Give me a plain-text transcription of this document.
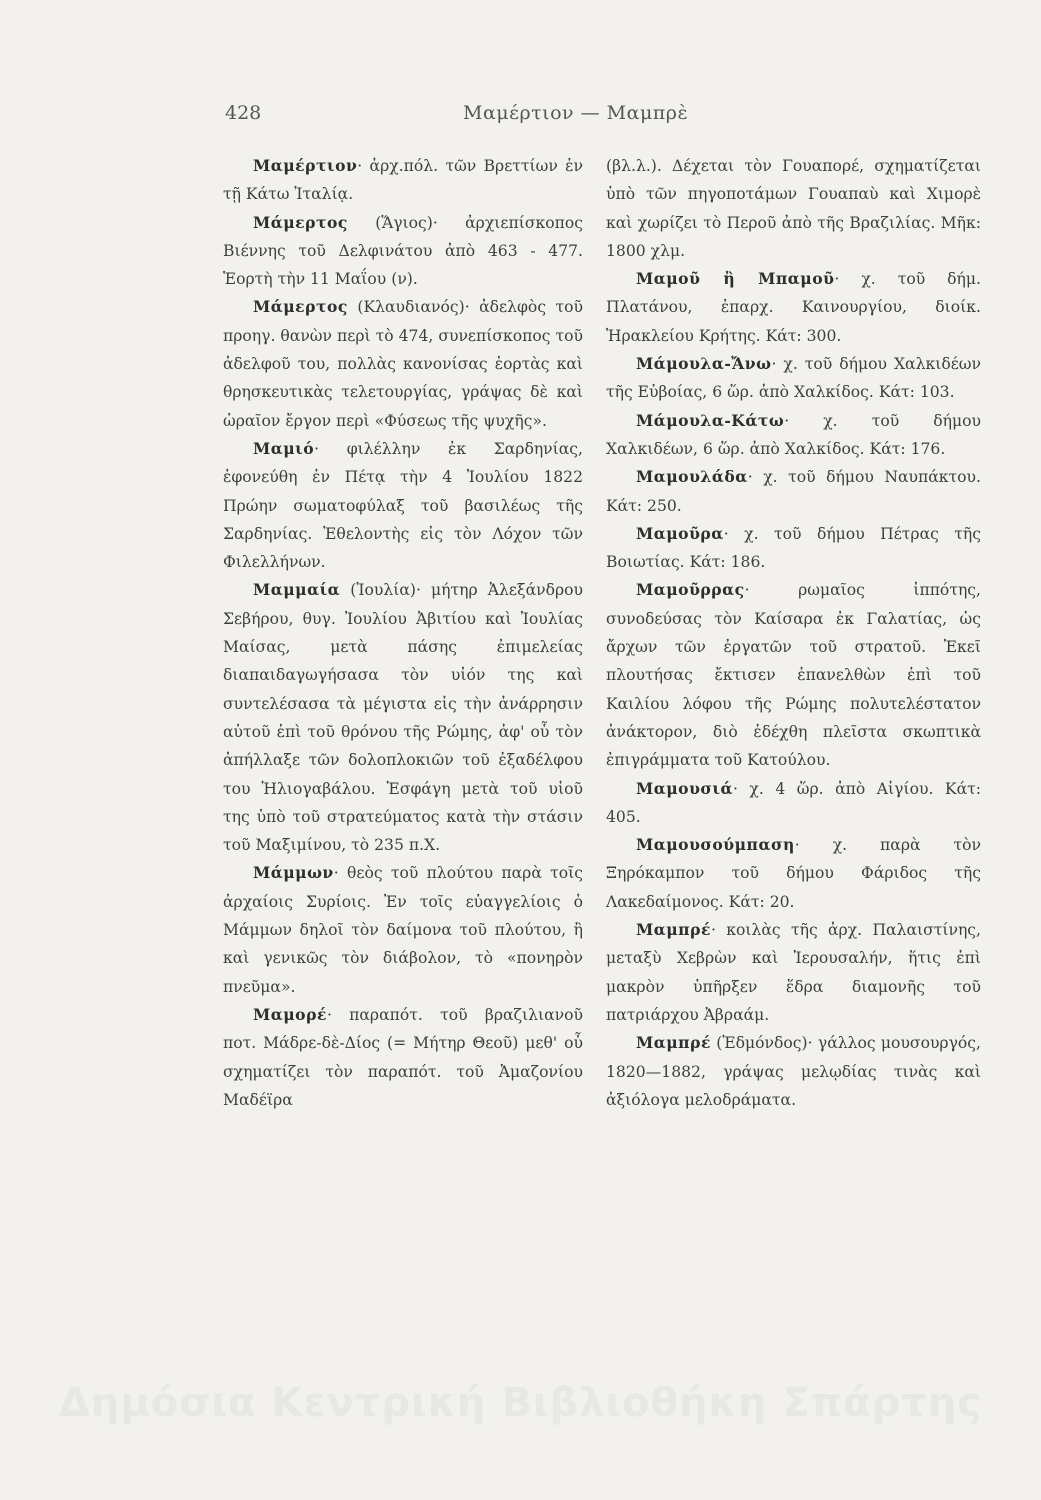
428	Μαμέρτιον — Μαμπρὲ

Μαμέρτιον· ἀρχ.πόλ. τῶν Βρεττίων ἐν τῇ Κάτω Ἰταλίᾳ.

Μάμερτος (Ἅγιος)· ἀρχιεπίσκοπος Βιέννης τοῦ Δελφινάτου ἀπὸ 463 - 477. Ἑορτὴ τὴν 11 Μαΐου (ν).

Μάμερτος (Κλαυδιανός)· ἀδελφὸς τοῦ προηγ. θανὼν περὶ τὸ 474, συνεπίσκοπος τοῦ ἀδελφοῦ του, πολλὰς κανονίσας ἑορτὰς καὶ θρησκευτικὰς τελετουργίας, γράψας δὲ καὶ ὡραῖον ἔργον περὶ «Φύσεως τῆς ψυχῆς».

Μαμιό· φιλέλλην ἐκ Σαρδηνίας, ἐφονεύθη ἐν Πέτᾳ τὴν 4 Ἰουλίου 1822 Πρώην σωματοφύλαξ τοῦ βασιλέως τῆς Σαρδηνίας. Ἐθελοντὴς εἰς τὸν Λόχον τῶν Φιλελλήνων.

Μαμμαία (Ἰουλία)· μήτηρ Ἀλεξάνδρου Σεβήρου, θυγ. Ἰουλίου Ἀβιτίου καὶ Ἰουλίας Μαίσας, μετὰ πάσης ἐπιμελείας διαπαιδαγωγήσασα τὸν υἱόν της καὶ συντελέσασα τὰ μέγιστα εἰς τὴν ἀνάρρησιν αὐτοῦ ἐπὶ τοῦ θρόνου τῆς Ρώμης, ἀφ' οὗ τὸν ἀπήλλαξε τῶν δολοπλοκιῶν τοῦ ἐξαδέλφου του Ἡλιογαβάλου. Ἐσφάγη μετὰ τοῦ υἱοῦ της ὑπὸ τοῦ στρατεύματος κατὰ τὴν στάσιν τοῦ Μαξιμίνου, τὸ 235 π.Χ.

Μάμμων· θεὸς τοῦ πλούτου παρὰ τοῖς ἀρχαίοις Συρίοις. Ἐν τοῖς εὐαγγελίοις ὁ Μάμμων δηλοῖ τὸν δαίμονα τοῦ πλούτου, ἢ καὶ γενικῶς τὸν διάβολον, τὸ «πονηρὸν πνεῦμα».

Μαμορέ· παραπότ. τοῦ βραζιλιανοῦ ποτ. Μάδρε-δὲ-Δίος (= Μήτηρ Θεοῦ) μεθ' οὗ σχηματίζει τὸν παραπότ. τοῦ Ἀμαζονίου Μαδέϊρα

(βλ.λ.). Δέχεται τὸν Γουαπορέ, σχηματίζεται ὑπὸ τῶν πηγοποτάμων Γουαπαὺ καὶ Χιμορὲ καὶ χωρίζει τὸ Περοῦ ἀπὸ τῆς Βραζιλίας. Μῆκ: 1800 χλμ.

Μαμοῦ ἢ Μπαμοῦ· χ. τοῦ δήμ. Πλατάνου, ἐπαρχ. Καινουργίου, διοίκ. Ἡρακλείου Κρήτης. Κάτ: 300.

Μάμουλα-Ἄνω· χ. τοῦ δήμου Χαλκιδέων τῆς Εὐβοίας, 6 ὥρ. ἀπὸ Χαλκίδος. Κάτ: 103.

Μάμουλα-Κάτω· χ. τοῦ δήμου Χαλκιδέων, 6 ὥρ. ἀπὸ Χαλκίδος. Κάτ: 176.

Μαμουλάδα· χ. τοῦ δήμου Ναυπάκτου. Κάτ: 250.

Μαμοῦρα· χ. τοῦ δήμου Πέτρας τῆς Βοιωτίας. Κάτ: 186.

Μαμοῦρρας· ρωμαῖος ἱππότης, συνοδεύσας τὸν Καίσαρα ἐκ Γαλατίας, ὡς ἄρχων τῶν ἐργατῶν τοῦ στρατοῦ. Ἐκεῖ πλουτήσας ἔκτισεν ἐπανελθὼν ἐπὶ τοῦ Καιλίου λόφου τῆς Ρώμης πολυτελέστατον ἀνάκτορον, διὸ ἐδέχθη πλεῖστα σκωπτικὰ ἐπιγράμματα τοῦ Κατούλου.

Μαμουσιά· χ. 4 ὥρ. ἀπὸ Αἰγίου. Κάτ: 405.

Μαμουσούμπαση· χ. παρὰ τὸν Ξηρόκαμπον τοῦ δήμου Φάριδος τῆς Λακεδαίμονος. Κάτ: 20.

Μαμπρέ· κοιλὰς τῆς ἀρχ. Παλαιστίνης, μεταξὺ Χεβρὼν καὶ Ἱερουσαλήν, ἥτις ἐπὶ μακρὸν ὑπῆρξεν ἕδρα διαμονῆς τοῦ πατριάρχου Ἀβραάμ.

Μαμπρέ (Ἐδμόνδος)· γάλλος μουσουργός, 1820—1882, γράψας μελῳδίας τινὰς καὶ ἀξιόλογα μελοδράματα.

Δημόσια Κεντρική Βιβλιοθήκη Σπάρτης
